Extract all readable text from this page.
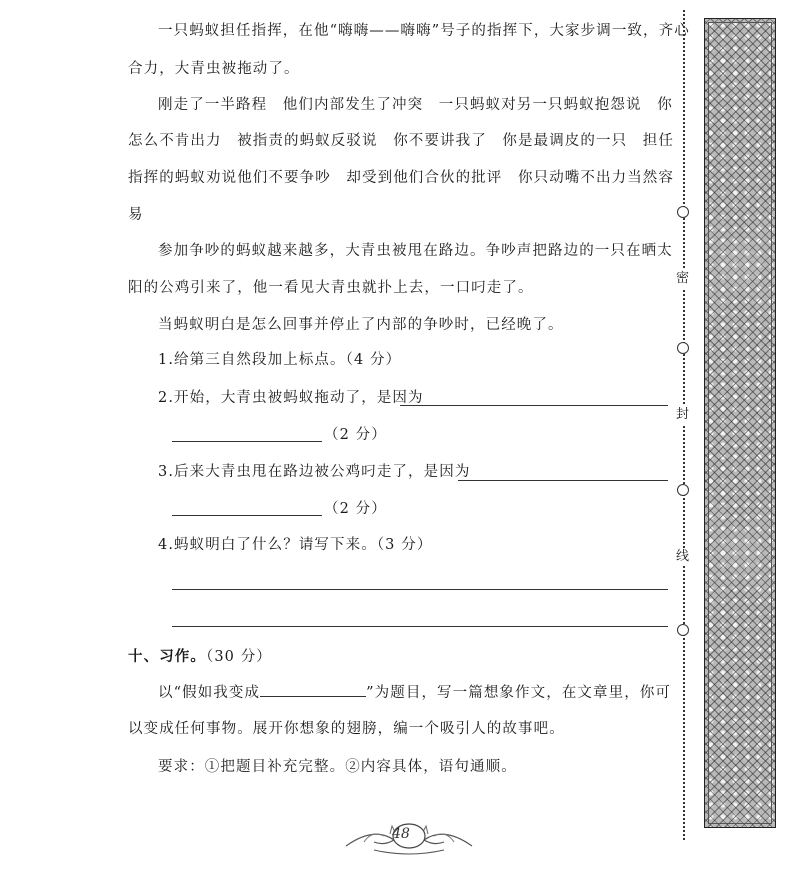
一只蚂蚁担任指挥，在他“嗨嗨——嗨嗨”号子的指挥下，大家步调一致，齐心
合力，大青虫被拖动了。
刚走了一半路程　他们内部发生了冲突　一只蚂蚁对另一只蚂蚁抱怨说　你
怎么不肯出力　被指责的蚂蚁反驳说　你不要讲我了　你是最调皮的一只　担任
指挥的蚂蚁劝说他们不要争吵　却受到他们合伙的批评　你只动嘴不出力当然容
易
参加争吵的蚂蚁越来越多，大青虫被甩在路边。争吵声把路边的一只在晒太
阳的公鸡引来了，他一看见大青虫就扑上去，一口叼走了。
当蚂蚁明白是怎么回事并停止了内部的争吵时，已经晚了。
1.给第三自然段加上标点。（4 分）
2.开始，大青虫被蚂蚁拖动了，是因为
（2 分）
3.后来大青虫甩在路边被公鸡叼走了，是因为
（2 分）
4.蚂蚁明白了什么？请写下来。（3 分）
十、习作。（30 分）
以“假如我变成	”为题目，写一篇想象作文，在文章里，你可
以变成任何事物。展开你想象的翅膀，编一个吸引人的故事吧。
要求：①把题目补充完整。②内容具体，语句通顺。
48
密
封
线
